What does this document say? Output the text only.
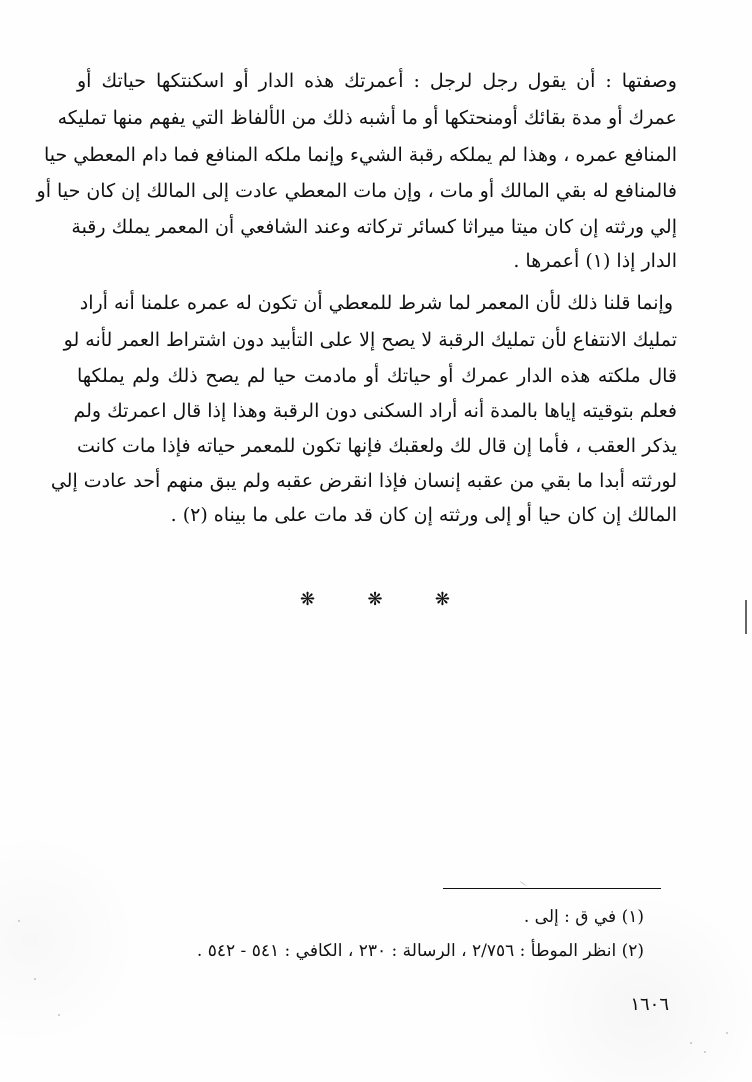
وصفتها : أن يقول رجل لرجل : أعمرتك هذه الدار أو اسكنتكها حياتك أو
عمرك أو مدة بقائك أومنحتكها أو ما أشبه ذلك من الألفاظ التي يفهم منها تمليكه
المنافع عمره ، وهذا لم يملكه رقبة الشيء وإنما ملكه المنافع فما دام المعطي حيا
فالمنافع له بقي المالك أو مات ، وإن مات المعطي عادت إلى المالك إن كان حيا أو
إلي ورثته إن كان ميتا ميراثا كسائر تركاته وعند الشافعي أن المعمر يملك رقبة
الدار إذا (١) أعمرها .
وإنما قلنا ذلك لأن المعمر لما شرط للمعطي أن تكون له عمره علمنا أنه أراد
تمليك الانتفاع لأن تمليك الرقبة لا يصح إلا على التأبيد دون اشتراط العمر لأنه لو
قال ملكته هذه الدار عمرك أو حياتك أو مادمت حيا لم يصح ذلك ولم يملكها
فعلم بتوقيته إياها بالمدة أنه أراد السكنى دون الرقبة وهذا إذا قال اعمرتك ولم
يذكر العقب ، فأما إن قال لك ولعقبك فإنها تكون للمعمر حياته فإذا مات كانت
لورثته أبدا ما بقي من عقبه إنسان فإذا انقرض عقبه ولم يبق منهم أحد عادت إلي
المالك إن كان حيا أو إلى ورثته إن كان قد مات على ما بيناه (٢) .
❋	❋	❋
(١) في ق : إلى .
(٢) انظر الموطأ : ٢/٧٥٦ ، الرسالة : ٢٣٠ ، الكافي : ٥٤١ - ٥٤٢ .
١٦٠٦
